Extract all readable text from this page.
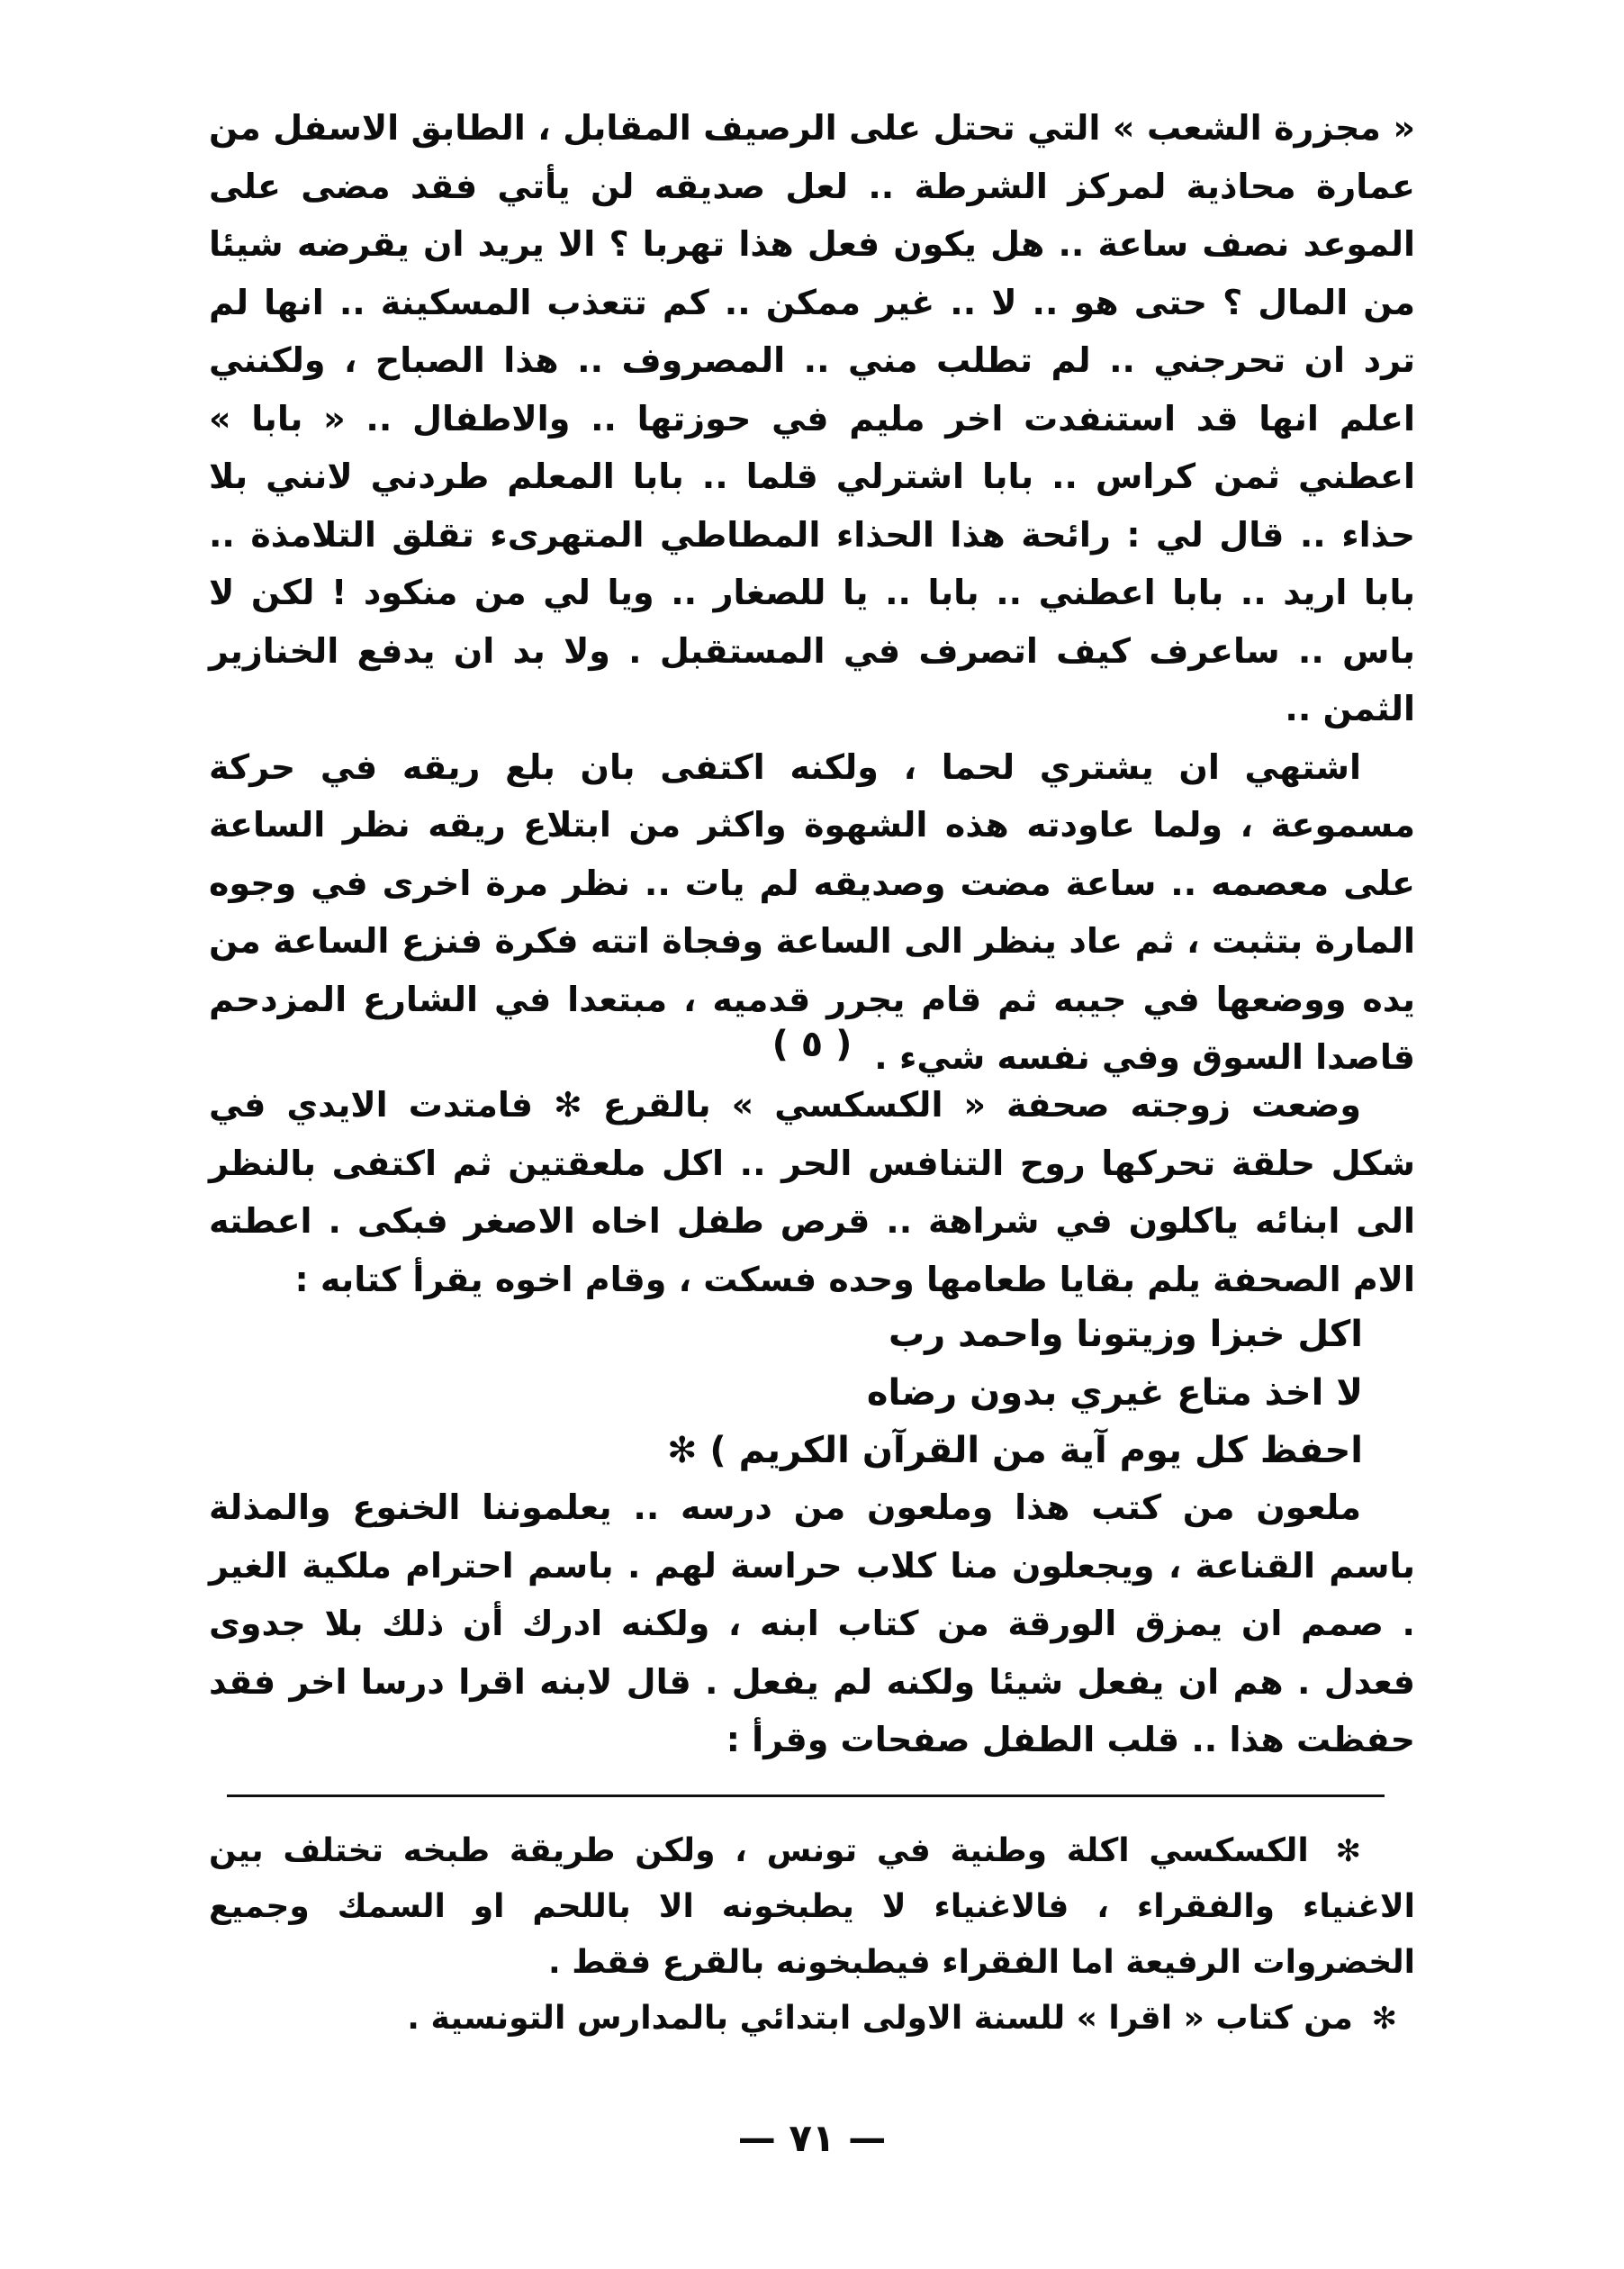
« مجزرة الشعب » التي تحتل على الرصيف المقابل ، الطابق الاسفل من عمارة محاذية لمركز الشرطة .. لعل صديقه لن يأتي فقد مضى على الموعد نصف ساعة .. هل يكون فعل هذا تهربا ؟ الا يريد ان يقرضه شيئا من المال ؟ حتى هو .. لا .. غير ممكن .. كم تتعذب المسكينة .. انها لم ترد ان تحرجني .. لم تطلب مني .. المصروف .. هذا الصباح ، ولكنني اعلم انها قد استنفدت اخر مليم في حوزتها .. والاطفال .. « بابا » اعطني ثمن كراس .. بابا اشترلي قلما .. بابا المعلم طردني لانني بلا حذاء .. قال لي : رائحة هذا الحذاء المطاطي المتهرىء تقلق التلامذة .. بابا اريد .. بابا اعطني .. بابا .. يا للصغار .. ويا لي من منكود ! لكن لا باس .. ساعرف كيف اتصرف في المستقبل . ولا بد ان يدفع الخنازير الثمن ..

اشتهي ان يشتري لحما ، ولكنه اكتفى بان بلع ريقه في حركة مسموعة ، ولما عاودته هذه الشهوة واكثر من ابتلاع ريقه نظر الساعة على معصمه .. ساعة مضت وصديقه لم يات .. نظر مرة اخرى في وجوه المارة بتثبت ، ثم عاد ينظر الى الساعة وفجاة اتته فكرة فنزع الساعة من يده ووضعها في جيبه ثم قام يجرر قدميه ، مبتعدا في الشارع المزدحم قاصدا السوق وفي نفسه شيء .

( ٥ )

وضعت زوجته صحفة « الكسكسي » بالقرع ✻ فامتدت الايدي في شكل حلقة تحركها روح التنافس الحر .. اكل ملعقتين ثم اكتفى بالنظر الى ابنائه ياكلون في شراهة .. قرص طفل اخاه الاصغر فبكى . اعطته الام الصحفة يلم بقايا طعامها وحده فسكت ، وقام اخوه يقرأ كتابه :

اكل خبزا وزيتونا واحمد رب

لا اخذ متاع غيري بدون رضاه

احفظ كل يوم آية من القرآن الكريم ) ✻

ملعون من كتب هذا وملعون من درسه .. يعلموننا الخنوع والمذلة باسم القناعة ، ويجعلون منا كلاب حراسة لهم . باسم احترام ملكية الغير . صمم ان يمزق الورقة من كتاب ابنه ، ولكنه ادرك أن ذلك بلا جدوى فعدل . هم ان يفعل شيئا ولكنه لم يفعل . قال لابنه اقرا درسا اخر فقد حفظت هذا .. قلب الطفل صفحات وقرأ :

✻ الكسكسي اكلة وطنية في تونس ، ولكن طريقة طبخه تختلف بين الاغنياء والفقراء ، فالاغنياء لا يطبخونه الا باللحم او السمك وجميع الخضروات الرفيعة اما الفقراء فيطبخونه بالقرع فقط .

✻ من كتاب « اقرا » للسنة الاولى ابتدائي بالمدارس التونسية .

— ٧١ —
